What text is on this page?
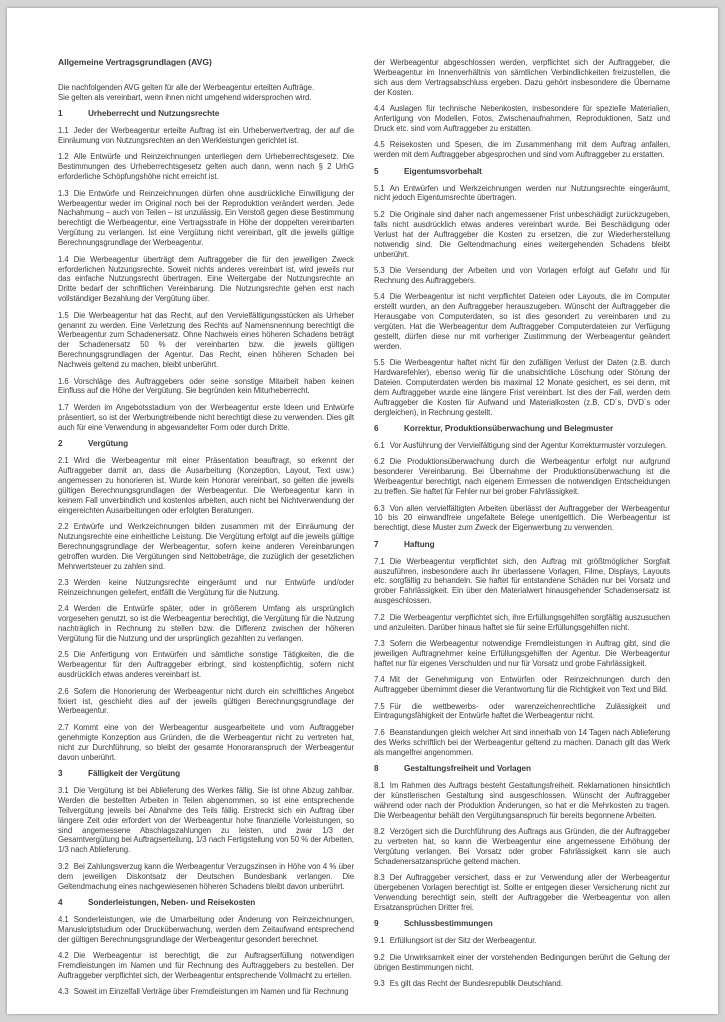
Allgemeine Vertragsgrundlagen (AVG)
Die nachfolgenden AVG gelten für alle der Werbeagentur erteilten Aufträge.
Sie gelten als vereinbart, wenn ihnen nicht umgehend widersprochen wird.
1	Urheberrecht und Nutzungsrechte
1.1 Jeder der Werbeagentur erteilte Auftrag ist ein Urheberwertvertrag, der auf die Einräumung von Nutzungsrechten an den Werkleistungen gerichtet ist.
1.2 Alle Entwürfe und Reinzeichnungen unterliegen dem Urheberrechtsgesetz. Die Bestimmungen des Urheberrechtsgesetz gelten auch dann, wenn nach § 2 UrhG erforderliche Schöpfungshöhe nicht erreicht ist.
1.3 Die Entwürfe und Reinzeichnungen dürfen ohne ausdrückliche Einwilligung der Werbeagentur weder im Original noch bei der Reproduktion verändert werden. Jede Nachahmung – auch von Teilen – ist unzulässig. Ein Verstoß gegen diese Bestimmung berechtigt die Werbeagentur, eine Vertragsstrafe in Höhe der doppelten vereinbarten Vergütung zu verlangen. Ist eine Vergütung nicht vereinbart, gilt die jeweils gültige Berechnungsgrundlage der Werbeagentur.
1.4 Die Werbeagentur überträgt dem Auftraggeber die für den jeweiligen Zweck erforderlichen Nutzungsrechte. Soweit nichts anderes vereinbart ist, wird jeweils nur das einfache Nutzungsrecht übertragen. Eine Weitergabe der Nutzungsrechte an Dritte bedarf der schriftlichen Vereinbarung. Die Nutzungsrechte gehen erst nach vollständiger Bezahlung der Vergütung über.
1.5 Die Werbeagentur hat das Recht, auf den Vervielfältigungsstücken als Urheber genannt zu werden. Eine Verletzung des Rechts auf Namensnennung berechtigt die Werbeagentur zum Schadenersatz. Ohne Nachweis eines höheren Schadens beträgt der Schadenersatz 50 % der vereinbarten bzw. die jeweils gültigen Berechnungsgrundlagen der Agentur. Das Recht, einen höheren Schaden bei Nachweis geltend zu machen, bleibt unberührt.
1.6 Vorschläge des Auftraggebers oder seine sonstige Mitarbeit haben keinen Einfluss auf die Höhe der Vergütung. Sie begründen kein Miturheberrecht.
1.7 Werden im Angebotsstadium von der Werbeagentur erste Ideen und Entwürfe präsentiert, so ist der Werbungtreibende nicht berechtigt diese zu verwenden. Dies gilt auch für eine Verwendung in abgewandelter Form oder durch Dritte.
2	Vergütung
2.1 Wird die Werbeagentur mit einer Präsentation beauftragt, so erkennt der Auftraggeber damit an, dass die Ausarbeitung (Konzeption, Layout, Text usw.) angemessen zu honorieren ist. Wurde kein Honorar vereinbart, so gelten die jeweils gültigen Berechnungsgrundlagen der Werbeagentur. Die Werbeagentur kann in keinem Fall unverbindlich und kostenlos arbeiten, auch nicht bei Nichtverwendung der eingereichten Ausarbeitungen oder erfolgten Beratungen.
2.2 Entwürfe und Werkzeichnungen bilden zusammen mit der Einräumung der Nutzungsrechte eine einheitliche Leistung. Die Vergütung erfolgt auf die jeweils gültige Berechnungsgrundlage der Werbeagentur, sofern keine anderen Vereinbarungen getroffen wurden. Die Vergütungen sind Nettobeträge, die zuzüglich der gesetzlichen Mehrwertsteuer zu zahlen sind.
2.3 Werden keine Nutzungsrechte eingeräumt und nur Entwürfe und/oder Reinzeichnungen geliefert, entfällt die Vergütung für die Nutzung.
2.4 Werden die Entwürfe später, oder in größerem Umfang als ursprünglich vorgesehen genutzt, so ist die Werbeagentur berechtigt, die Vergütung für die Nutzung nachträglich in Rechnung zu stellen bzw. die Differenz zwischen der höheren Vergütung für die Nutzung und der ursprünglich gezahlten zu verlangen.
2.5 Die Anfertigung von Entwürfen und sämtliche sonstige Tätigkeiten, die die Werbeagentur für den Auftraggeber erbringt, sind kostenpflichtig, sofern nicht ausdrücklich etwas anderes vereinbart ist.
2.6 Sofern die Honorierung der Werbeagentur nicht durch ein schriftliches Angebot fixiert ist, geschieht dies auf der jeweils gültigen Berechnungsgrundlage der Werbeagentur.
2.7 Kommt eine von der Werbeagentur ausgearbeitete und vom Auftraggeber genehmigte Konzeption aus Gründen, die die Werbeagentur nicht zu vertreten hat, nicht zur Durchführung, so bleibt der gesamte Honoraranspruch der Werbeagentur davon unberührt.
3	Fälligkeit der Vergütung
3.1 Die Vergütung ist bei Ablieferung des Werkes fällig. Sie ist ohne Abzug zahlbar. Werden die bestellten Arbeiten in Teilen abgenommen, so ist eine entsprechende Teilvergütung jeweils bei Abnahme des Teils fällig. Erstreckt sich ein Auftrag über längere Zeit oder erfordert von der Werbeagentur hohe finanzielle Vorleistungen, so sind angemessene Abschlagszahlungen zu leisten, und zwar 1/3 der Gesamtvergütung bei Auftragserteilung, 1/3 nach Fertigstellung von 50 % der Arbeiten, 1/3 nach Ablieferung.
3.2 Bei Zahlungsverzug kann die Werbeagentur Verzugszinsen in Höhe von 4 % über dem jeweiligen Diskontsatz der Deutschen Bundesbank verlangen. Die Geltendmachung eines nachgewiesenen höheren Schadens bleibt davon unberührt.
4	Sonderleistungen, Neben- und Reisekosten
4.1 Sonderleistungen, wie die Umarbeitung oder Änderung von Reinzeichnungen, Manuskriptstudium oder Drucküberwachung, werden dem Zeitaufwand entsprechend der gültigen Berechnungsgrundlage der Werbeagentur gesondert berechnet.
4.2 Die Werbeagentur ist berechtigt, die zur Auftragserfüllung notwendigen Fremdleistungen im Namen und für Rechnung des Auftraggebers zu bestellen. Der Auftraggeber verpflichtet sich, der Werbeagentur entsprechende Vollmacht zu erteilen.
4.3 Soweit im Einzelfall Verträge über Fremdleistungen im Namen und für Rechnung
der Werbeagentur abgeschlossen werden, verpflichtet sich der Auftraggeber, die Werbeagentur im Innenverhältnis von sämtlichen Verbindlichkeiten freizustellen, die sich aus dem Vertragsabschluss ergeben. Dazu gehört insbesondere die Übername der Kosten.
4.4 Auslagen für technische Nebenkosten, insbesondere für spezielle Materialien, Anfertigung von Modellen, Fotos, Zwischenaufnahmen, Reproduktionen, Satz und Druck etc. sind vom Auftraggeber zu erstatten.
4.5 Reisekosten und Spesen, die im Zusammenhang mit dem Auftrag anfallen, werden mit dem Auftraggeber abgesprochen und sind vom Auftraggeber zu erstatten.
5	Eigentumsvorbehalt
5.1 An Entwürfen und Werkzeichnungen werden nur Nutzungsrechte eingeräumt, nicht jedoch Eigentumsrechte übertragen.
5.2 Die Originale sind daher nach angemessener Frist unbeschädigt zurückzugeben, falls nicht ausdrücklich etwas anderes vereinbart wurde. Bei Beschädigung oder Verlust hat der Auftraggeber die Kosten zu ersetzen, die zur Wiederherstellung notwendig sind. Die Geltendmachung eines weitergehenden Schadens bleibt unberührt.
5.3 Die Versendung der Arbeiten und von Vorlagen erfolgt auf Gefahr und für Rechnung des Auftraggebers.
5.4 Die Werbeagentur ist nicht verpflichtet Dateien oder Layouts, die im Computer erstellt wurden, an den Auftraggeber herauszugeben. Wünscht der Auftraggeber die Herausgabe von Computerdaten, so ist dies gesondert zu vereinbaren und zu vergüten. Hat die Werbeagentur dem Auftraggeber Computerdateien zur Verfügung gestellt, dürfen diese nur mit vorheriger Zustimmung der Werbeagentur geändert werden.
5.5 Die Werbeagentur haftet nicht für den zufälligen Verlust der Daten (z.B. durch Hardwarefehler), ebenso wenig für die unabsichtliche Löschung oder Störung der Dateien. Computerdaten werden bis maximal 12 Monate gesichert, es sei denn, mit dem Auftraggeber wurde eine längere Frist vereinbart. Ist dies der Fall, werden dem Auftraggeber die Kosten für Aufwand und Materialkosten (z.B. CD´s, DVD´s oder dergleichen), in Rechnung gestellt.
6	Korrektur, Produktionsüberwachung und Belegmuster
6.1 Vor Ausführung der Vervielfältigung sind der Agentur Korrekturmuster vorzulegen.
6.2 Die Produktionsüberwachung durch die Werbeagentur erfolgt nur aufgrund besonderer Vereinbarung. Bei Übernahme der Produktionsüberwachung ist die Werbeagentur berechtigt, nach eigenem Ermessen die notwendigen Entscheidungen zu treffen. Sie haftet für Fehler nur bei grober Fahrlässigkeit.
6.3 Von allen vervielfältigten Arbeiten überlässt der Auftraggeber der Werbeagentur 10 bis 20 einwandfreie ungefaltete Belege unentgeltlich. Die Werbeagentur ist berechtigt, diese Muster zum Zweck der Eigenwerbung zu verwenden.
7	Haftung
7.1 Die Werbeagentur verpflichtet sich, den Auftrag mit größtmöglicher Sorgfalt auszuführen, insbesondere auch ihr überlassene Vorlagen, Filme, Displays, Layouts etc. sorgfältig zu behandeln. Sie haftet für entstandene Schäden nur bei Vorsatz und grober Fahrlässigkeit. Ein über den Materialwert hinausgehender Schadensersatz ist ausgeschlossen.
7.2 Die Werbeagentur verpflichtet sich, ihre Erfüllungsgehilfen sorgfältig auszusuchen und anzuleiten. Darüber hinaus haftet sie für seine Erfüllungsgehilfen nicht.
7.3 Sofern die Werbeagentur notwendige Fremdleistungen in Auftrag gibt, sind die jeweiligen Auftragnehmer keine Erfüllungsgehilfen der Agentur. Die Werbeagentur haftet nur für eigenes Verschulden und nur für Vorsatz und grobe Fahrlässigkeit.
7.4 Mit der Genehmigung von Entwürfen oder Reinzeichnungen durch den Auftraggeber übernimmt dieser die Verantwortung für die Richtigkeit von Text und Bild.
7.5 Für die wettbewerbs- oder warenzeichenrechtliche Zulässigkeit und Eintragungsfähigkeit der Entwürfe haftet die Werbeagentur nicht.
7.6 Beanstandungen gleich welcher Art sind innerhalb von 14 Tagen nach Ablieferung des Werks schriftlich bei der Werbeagentur geltend zu machen. Danach gilt das Werk als mangelfrei angenommen.
8	Gestaltungsfreiheit und Vorlagen
8.1 Im Rahmen des Auftrags besteht Gestaltungsfreiheit. Reklamationen hinsichtlich der künstlerischen Gestaltung sind ausgeschlossen. Wünscht der Auftraggeber während oder nach der Produktion Änderungen, so hat er die Mehrkosten zu tragen. Die Werbeagentur behält den Vergütungsanspruch für bereits begonnene Arbeiten.
8.2 Verzögert sich die Durchführung des Auftrags aus Gründen, die der Auftraggeber zu vertreten hat, so kann die Werbeagentur eine angemessene Erhöhung der Vergütung verlangen. Bei Vorsatz oder grober Fahrlässigkeit kann sie auch Schadenersatzansprüche geltend machen.
8.3 Der Auftraggeber versichert, dass er zur Verwendung aller der Werbeagentur übergebenen Vorlagen berechtigt ist. Sollte er entgegen dieser Versicherung nicht zur Verwendung berechtigt sein, stellt der Auftraggeber die Werbeagentur von allen Ersatzansprüchen Dritter frei.
9	Schlussbestimmungen
9.1 Erfüllungsort ist der Sitz der Werbeagentur.
9.2 Die Unwirksamkeit einer der vorstehenden Bedingungen berührt die Geltung der übrigen Bestimmungen nicht.
9.3 Es gilt das Recht der Bundesrepublik Deutschland.
